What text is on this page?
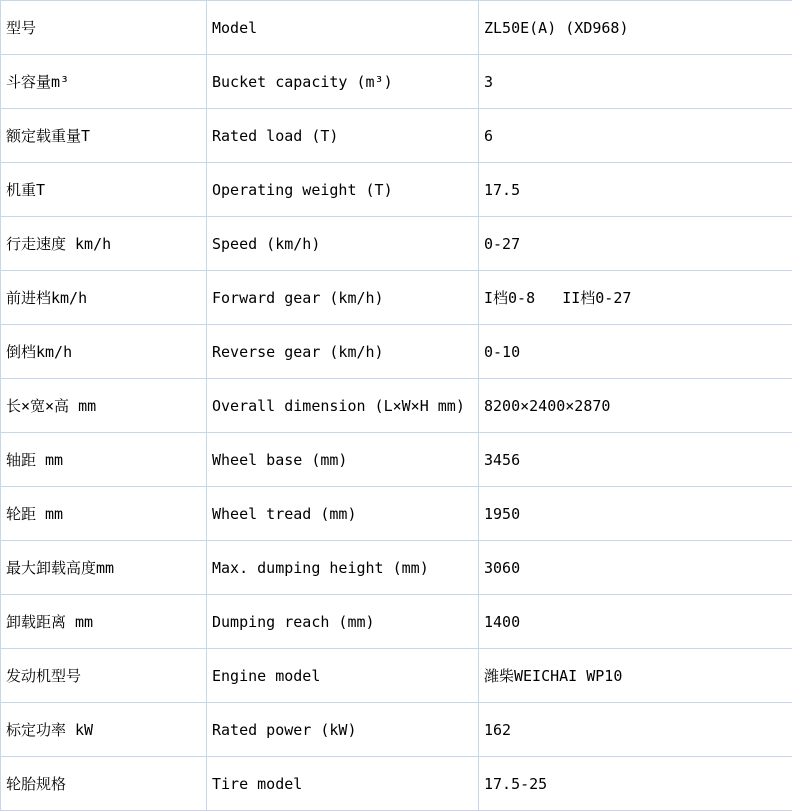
型号	Model	ZL50E(A) (XD968)
斗容量m³	Bucket capacity (m³)	3
额定载重量T	Rated load (T)	6
机重T	Operating weight (T)	17.5
行走速度 km/h	Speed (km/h)	0-27
前进档km/h	Forward gear (km/h)	I档0-8   II档0-27
倒档km/h	Reverse gear (km/h)	0-10
长×宽×高 mm	Overall dimension (L×W×H mm)	8200×2400×2870
轴距 mm	Wheel base (mm)	3456
轮距 mm	Wheel tread (mm)	1950
最大卸载高度mm	Max. dumping height (mm)	3060
卸载距离 mm	Dumping reach (mm)	1400
发动机型号	Engine model	潍柴WEICHAI WP10
标定功率 kW	Rated power (kW)	162
轮胎规格	Tire model	17.5-25
